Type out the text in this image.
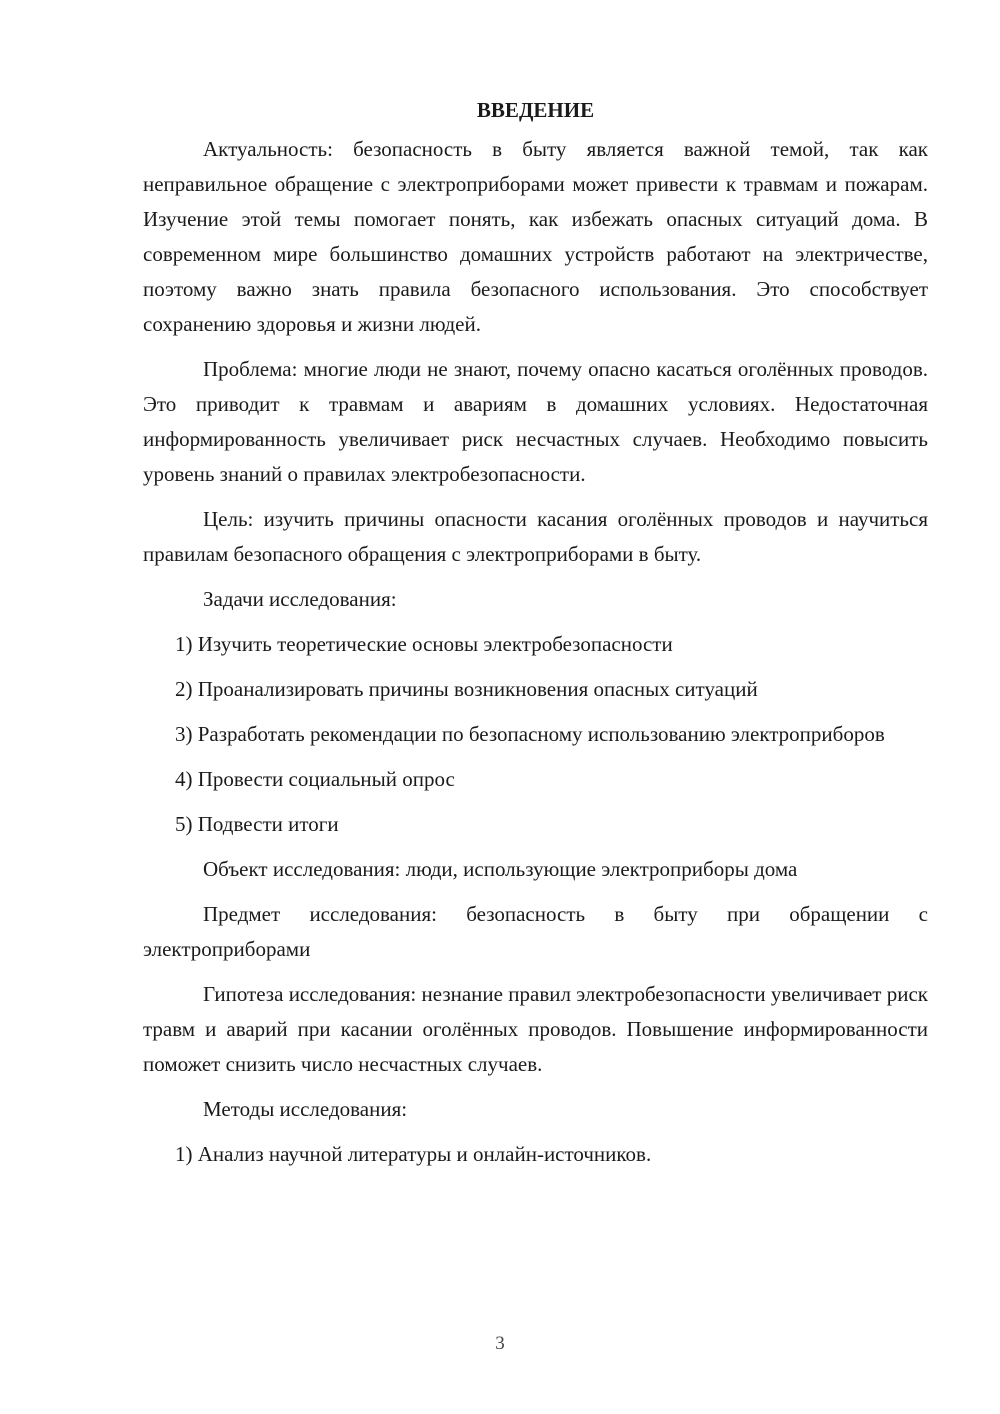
ВВЕДЕНИЕ

Актуальность: безопасность в быту является важной темой, так как неправильное обращение с электроприборами может привести к травмам и пожарам. Изучение этой темы помогает понять, как избежать опасных ситуаций дома. В современном мире большинство домашних устройств работают на электричестве, поэтому важно знать правила безопасного использования. Это способствует сохранению здоровья и жизни людей.

Проблема: многие люди не знают, почему опасно касаться оголённых проводов. Это приводит к травмам и авариям в домашних условиях. Недостаточная информированность увеличивает риск несчастных случаев. Необходимо повысить уровень знаний о правилах электробезопасности.

Цель: изучить причины опасности касания оголённых проводов и научиться правилам безопасного обращения с электроприборами в быту.

Задачи исследования:

1) Изучить теоретические основы электробезопасности

2) Проанализировать причины возникновения опасных ситуаций

3) Разработать рекомендации по безопасному использованию электроприборов

4) Провести социальный опрос

5) Подвести итоги

Объект исследования: люди, использующие электроприборы дома

Предмет исследования: безопасность в быту при обращении с электроприборами

Гипотеза исследования: незнание правил электробезопасности увеличивает риск травм и аварий при касании оголённых проводов. Повышение информированности поможет снизить число несчастных случаев.

Методы исследования:

1) Анализ научной литературы и онлайн-источников.

3
